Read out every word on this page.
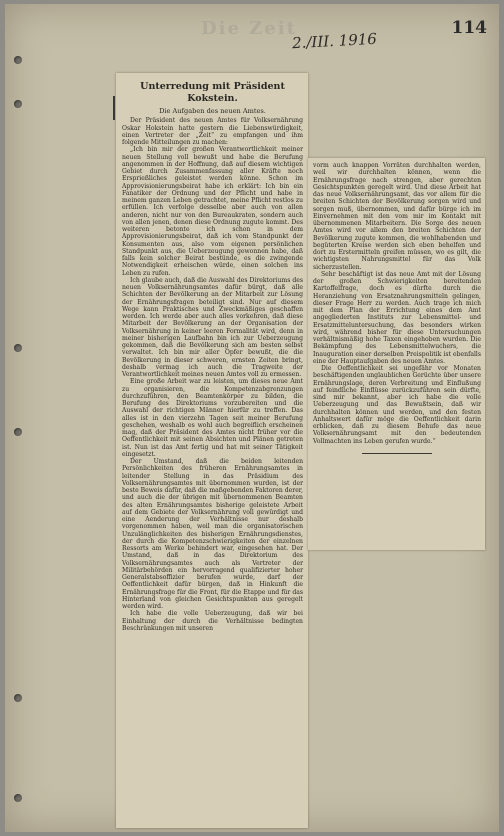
Die Zeit
2./III. 1916
114
Unterredung mit Präsident Kokstein.
Die Aufgaben des neuen Amtes.

Der Präsident des neuen Amtes für Volksernährung Oskar Hokstein hatte gestern die Liebenswürdigkeit, einen Vertreter der „Zeit“ zu empfangen und ihm folgende Mitteilungen zu machen:

„Ich bin mir der großen Verantwortlichkeit meiner neuen Stellung voll bewußt und habe die Berufung angenommen in der Hoffnung, daß auf diesem wichtigen Gebiet durch Zusammenfassung aller Kräfte noch Ersprießliches geleistet werden könne. Schon im Approvisionierungsbeirat habe ich erklärt: Ich bin ein Fanatiker der Ordnung und der Pflicht und habe in meinem ganzen Leben getrachtet, meine Pflicht restlos zu erfüllen. Ich verfolge desselbe aber auch von allen anderen, nicht nur von den Bureaukraten, sondern auch von allen jenen, denen diese Ordnung zugute kommt. Des weiteren betonte ich schon in dem Approvisionierungsbeirat, daß ich vom Standpunkt der Konsumenten aus, also vom eigenen persönlichen Standpunkt aus, die Ueberzeugung gewonnen habe, daß falls kein solcher Beirat bestünde, es die zwingende Notwendigkeit erheischen würde, einen solchen ins Leben zu rufen.

Ich glaube auch, daß die Auswahl des Direktoriums des neuen Volksernährungsamtes dafür bürgt, daß alle Schichten der Bevölkerung an der Mitarbeit zur Lösung der Ernährungsfragen beteiligt sind. Nur auf diesem Wege kann Praktisches und Zweckmäßiges geschaffen werden. Ich werde aber auch alles vorkehren, daß diese Mitarbeit der Bevölkerung an der Organisation der Volksernährung in keiner leeren Formalität wird, denn in meiner bisherigen Laufbahn bin ich zur Ueberzeugung gekommen, daß die Bevölkerung sich am besten selbst verwaltet. Ich bin mir aller Opfer bewußt, die die Bevölkerung in dieser schweren, ernsten Zeiten bringt, deshalb vermag ich auch die Tragweite der Verantwortlichkeit meines neuen Amtes voll zu ermessen.

Eine große Arbeit war zu leisten, um dieses neue Amt zu organisieren, die Kompetenzabgrenzungen durchzuführen, den Beamtenkörper zu bilden, die Berufung des Direktoriums vorzubereiten und die Auswahl der richtigen Männer hierfür zu treffen. Das alles ist in den vierzehn Tagen seit meiner Berufung geschehen, weshalb es wohl auch begreiflich erscheinen mag, daß der Präsident des Amtes nicht früher vor die Oeffentlichkeit mit seinen Absichten und Plänen getreten ist. Nun ist das Amt fertig und hat mit seiner Tätigkeit eingesetzt.

Der Umstand, daß die beiden leitenden Persönlichkeiten des früheren Ernährungsamtes in leitender Stellung in das Präsidium des Volksernährungsamtes mit übernommen wurden, ist der beste Beweis dafür, daß die maßgebenden Faktoren derer, und auch die der übrigen mit übernommenen Beamten des alten Ernährungsamtes bisherige geleistete Arbeit auf dem Gebiete der Volksernährung voll gewürdigt und eine Aenderung der Verhältnisse nur deshalb vorgenommen haben, weil man die organisatorischen Unzulänglichkeiten des bisherigen Ernährungsdienstes, der durch die Kompetenzschwierigkeiten der einzelnen Ressorts am Werke behindert war, eingesehen hat. Der Umstand, daß in das Direktorium des Volksernährungsamtes auch als Vertreter der Militärbehörden ein hervorragend qualifizierter hoher Generalstabsoffizier berufen wurde, darf der Oeffentlichkeit dafür bürgen, daß in Hinkunft die Ernährungsfrage für die Front, für die Etappe und für das Hinterland von gleichen Gesichtspunkten aus geregelt werden wird.

Ich habe die volle Ueberzeugung, daß wir bei Einhaltung der durch die Verhältnisse bedingten Beschränkungen mit unseren

vorm auch knappen Vorräten durchhalten werden, weil wir durchhalten können, wenn die Ernährungsfrage nach strengen, aber gerechten Gesichtspunkten geregelt wird. Und diese Arbeit hat das neue Volksernährungsamt, das vor allem für die breiten Schichten der Bevölkerung sorgen wird und sorgen muß, übernommen, und dafür bürge ich im Einvernehmen mit den vom mir im Kontakt mit übernommenen Mitarbeitern. Die Sorge des neuen Amtes wird vor allem den breiten Schichten der Bevölkerung zugute kommen, die wohlhabenden und begüterten Kreise werden sich eben behelfen und dort zu Erstermitteln greifen müssen, wo es gilt, die wichtigsten Nahrungsmittel für das Volk sicherzustellen.

Sehr beschäftigt ist das neue Amt mit der Lösung der großen Schwierigkeiten bereitenden Kartoffelfrage, doch es dürfte durch die Heranziehung von Ersatznahrungsmitteln gelingen, dieser Frage Herr zu werden. Auch trage ich mich mit dem Plan der Errichtung eines dem Amt angegliederten Instituts zur Lebensmittel- und Ersatzmitteluntersuchung, das besonders wirken wird, während bisher für diese Untersuchungen verhältnismäßig hohe Taxen eingehoben wurden. Die Bekämpfung des Lebensmittelwuchers, die Inauguration einer derselben Preispolitik ist ebenfalls eine der Hauptaufgaben des neuen Amtes.

Die Oeffentlichkeit sei ungefähr vor Monaten beschäftigenden unglaublichen Gerüchte über unsere Ernährungslage, deren Verbreitung und Einflußung auf feindliche Einflüsse zurückzuführen sein dürfte, sind mir bekannt, aber ich habe die volle Ueberzeugung und das Bewußtsein, daß wir durchhalten können und werden, und den festen Anhaltswert dafür möge die Oeffentlichkeit darin erblicken, daß zu diesem Behufe das neue Volksernährungsamt mit den bedeutenden Vollmachten ins Leben gerufen wurde.“
